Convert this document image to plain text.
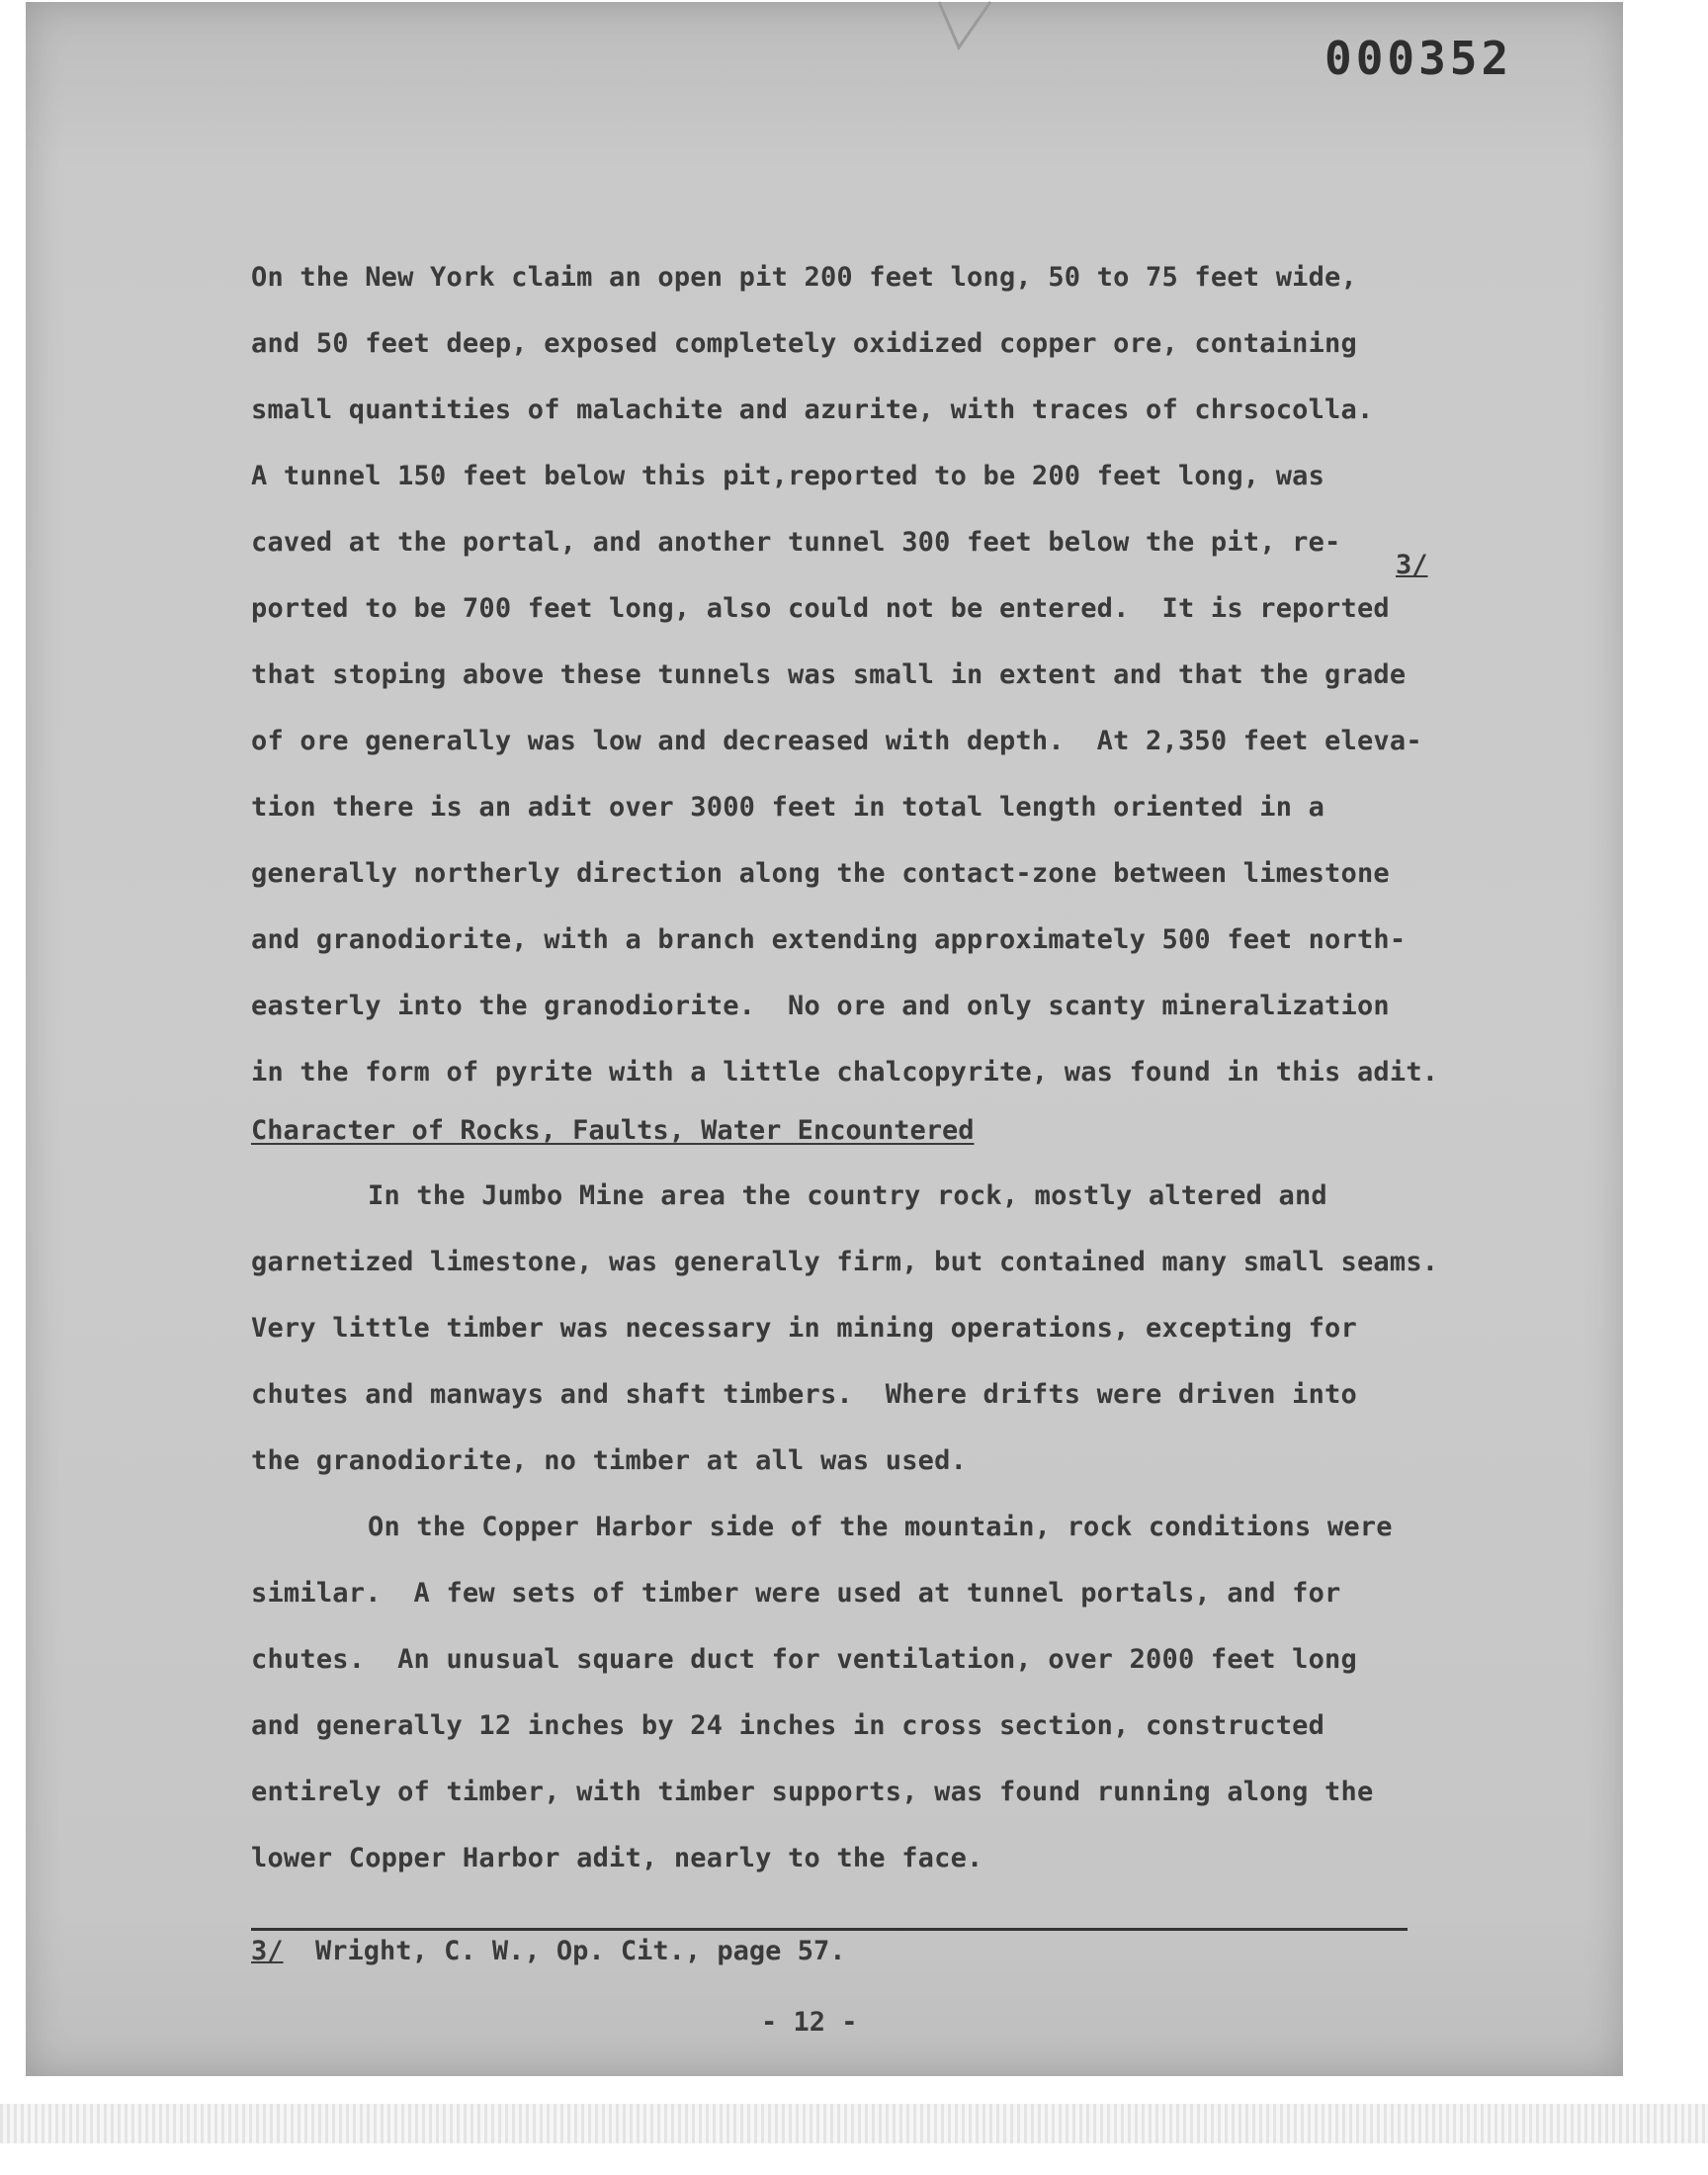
000352

On the New York claim an open pit 200 feet long, 50 to 75 feet wide,

and 50 feet deep, exposed completely oxidized copper ore, containing

small quantities of malachite and azurite, with traces of chrsocolla.

A tunnel 150 feet below this pit,reported to be 200 feet long, was

caved at the portal, and another tunnel 300 feet below the pit, re-

3/

ported to be 700 feet long, also could not be entered.  It is reported

that stoping above these tunnels was small in extent and that the grade

of ore generally was low and decreased with depth.  At 2,350 feet eleva-

tion there is an adit over 3000 feet in total length oriented in a

generally northerly direction along the contact-zone between limestone

and granodiorite, with a branch extending approximately 500 feet north-

easterly into the granodiorite.  No ore and only scanty mineralization

in the form of pyrite with a little chalcopyrite, was found in this adit.

Character of Rocks, Faults, Water Encountered

In the Jumbo Mine area the country rock, mostly altered and

garnetized limestone, was generally firm, but contained many small seams.

Very little timber was necessary in mining operations, excepting for

chutes and manways and shaft timbers.  Where drifts were driven into

the granodiorite, no timber at all was used.

On the Copper Harbor side of the mountain, rock conditions were

similar.  A few sets of timber were used at tunnel portals, and for

chutes.  An unusual square duct for ventilation, over 2000 feet long

and generally 12 inches by 24 inches in cross section, constructed

entirely of timber, with timber supports, was found running along the

lower Copper Harbor adit, nearly to the face.

3/ Wright, C. W., Op. Cit., page 57.
- 12 -
